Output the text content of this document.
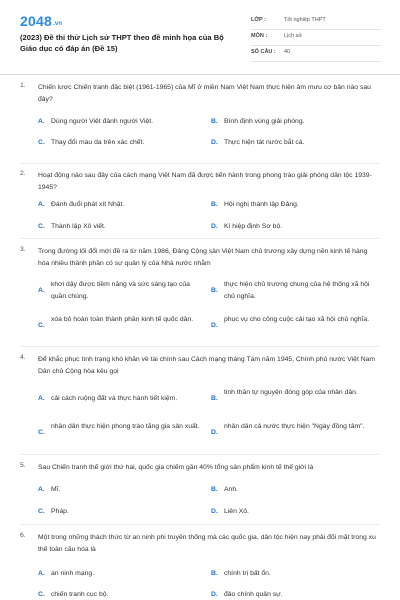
2048.vn
(2023) Đề thi thử Lịch sử THPT theo đề minh họa của Bộ Giáo dục có đáp án (Đề 15)
LỚP :	Tốt nghiệp THPT
MÔN :	Lịch sử
SỐ CÂU : 40
1. Chiến lược Chiến tranh đặc biệt (1961-1965) của Mĩ ở miền Nam Việt Nam thực hiện âm mưu cơ bản nào sau đây?
A. Dùng người Việt đánh người Việt.	B. Bình định vùng giải phóng.
C. Thay đổi màu da trên xác chết.	D. Thực hiện tát nước bắt cá.
2. Hoạt động nào sau đây của cách mạng Việt Nam đã được tiến hành trong phong trào giải phóng dân tộc 1939-1945?
A. Đánh đuổi phát xít Nhật.	B. Hội nghị thành lập Đảng.
C. Thành lập Xô viết.	D. Kí hiệp định Sơ bộ.
3. Trong đường lối đổi mới đề ra từ năm 1986, Đảng Cộng sản Việt Nam chủ trương xây dựng nền kinh tế hàng hóa nhiều thành phần có sự quản lý của Nhà nước nhằm
A.
khơi dậy được tiềm năng và sức sáng tạo của quần chúng.
B.
thực hiện chủ trương chung của hệ thống xã hội chủ nghĩa.
C.
xóa bỏ hoàn toàn thành phần kinh tế quốc dân.
D.
phục vụ cho công cuộc cải tạo xã hội chủ nghĩa.
4. Để khắc phục tình trạng khó khăn về tài chính sau Cách mạng tháng Tám năm 1945, Chính phủ nước Việt Nam Dân chủ Cộng hòa kêu gọi
A. cải cách ruộng đất và thực hành tiết kiệm.	B.
tinh thần tự nguyện đóng góp của nhân dân.
C.
nhân dân thực hiện phong trào tăng gia sản xuất.
D.
nhân dân cả nước thực hiện "Ngày đồng tâm".
5. Sau Chiến tranh thế giới thứ hai, quốc gia chiếm gần 40% tổng sản phẩm kinh tế thế giới là
A. Mĩ.	B. Anh.
C. Pháp.	D. Liên Xô.
6. Một trong những thách thức từ an ninh phi truyền thống mà các quốc gia, dân tộc hiện nay phải đối mặt trong xu thế toàn cầu hóa là
A. an ninh mạng.	B. chính trị bất ổn.
C. chiến tranh cục bộ.	D. đảo chính quân sự.
